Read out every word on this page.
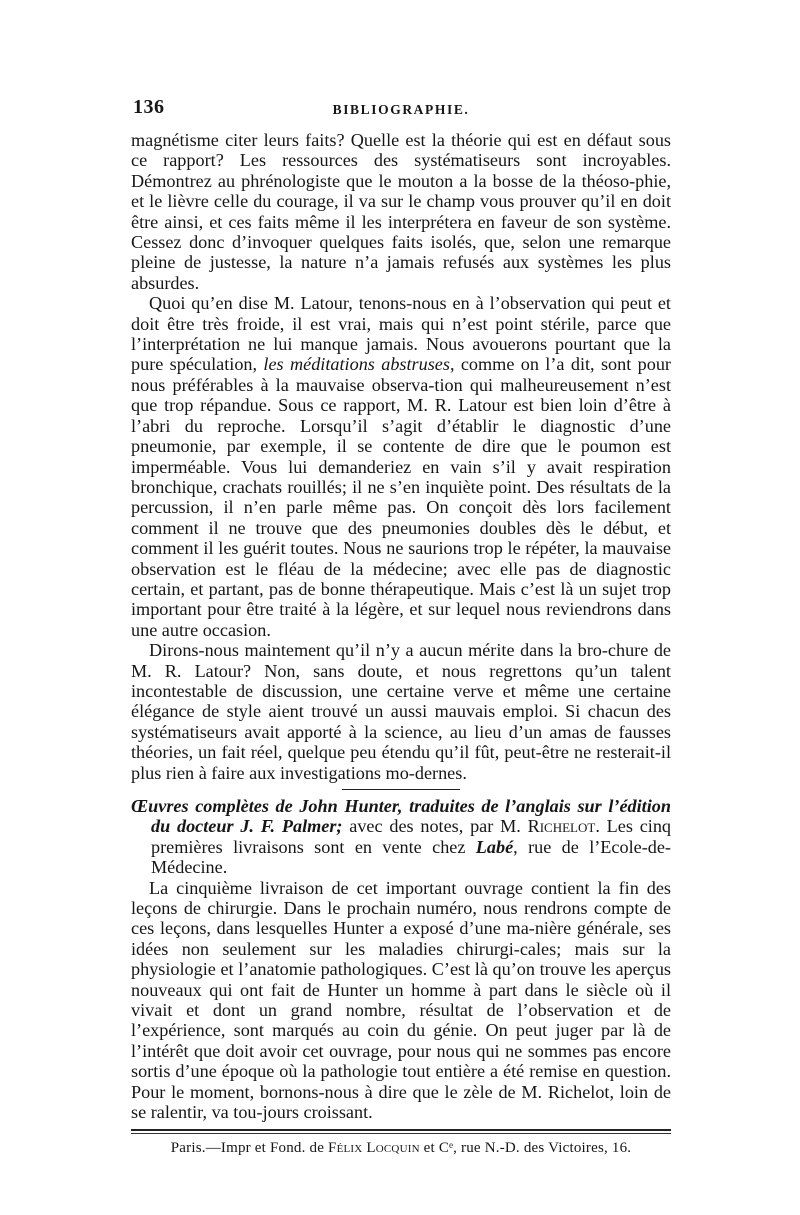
136	BIBLIOGRAPHIE.

magnétisme citer leurs faits? Quelle est la théorie qui est en défaut sous ce rapport? Les ressources des systématiseurs sont incroyables. Démontrez au phrénologiste que le mouton a la bosse de la théoso-phie, et le lièvre celle du courage, il va sur le champ vous prouver qu’il en doit être ainsi, et ces faits même il les interprétera en faveur de son système. Cessez donc d’invoquer quelques faits isolés, que, selon une remarque pleine de justesse, la nature n’a jamais refusés aux systèmes les plus absurdes.

Quoi qu’en dise M. Latour, tenons-nous en à l’observation qui peut et doit être très froide, il est vrai, mais qui n’est point stérile, parce que l’interprétation ne lui manque jamais. Nous avouerons pourtant que la pure spéculation, les méditations abstruses, comme on l’a dit, sont pour nous préférables à la mauvaise observa-tion qui malheureusement n’est que trop répandue. Sous ce rapport, M. R. Latour est bien loin d’être à l’abri du reproche. Lorsqu’il s’agit d’établir le diagnostic d’une pneumonie, par exemple, il se contente de dire que le poumon est imperméable. Vous lui demanderiez en vain s’il y avait respiration bronchique, crachats rouillés; il ne s’en inquiète point. Des résultats de la percussion, il n’en parle même pas. On conçoit dès lors facilement comment il ne trouve que des pneumonies doubles dès le début, et comment il les guérit toutes. Nous ne saurions trop le répéter, la mauvaise observation est le fléau de la médecine; avec elle pas de diagnostic certain, et partant, pas de bonne thérapeutique. Mais c’est là un sujet trop important pour être traité à la légère, et sur lequel nous reviendrons dans une autre occasion.

Dirons-nous maintement qu’il n’y a aucun mérite dans la bro-chure de M. R. Latour? Non, sans doute, et nous regrettons qu’un talent incontestable de discussion, une certaine verve et même une certaine élégance de style aient trouvé un aussi mauvais emploi. Si chacun des systématiseurs avait apporté à la science, au lieu d’un amas de fausses théories, un fait réel, quelque peu étendu qu’il fût, peut-être ne resterait-il plus rien à faire aux investigations mo-dernes.

Œuvres complètes de John Hunter, traduites de l’anglais sur l’édition du docteur J. F. Palmer; avec des notes, par M. Richelot. Les cinq premières livraisons sont en vente chez Labé, rue de l’Ecole-de-Médecine.

La cinquième livraison de cet important ouvrage contient la fin des leçons de chirurgie. Dans le prochain numéro, nous rendrons compte de ces leçons, dans lesquelles Hunter a exposé d’une ma-nière générale, ses idées non seulement sur les maladies chirurgi-cales; mais sur la physiologie et l’anatomie pathologiques. C’est là qu’on trouve les aperçus nouveaux qui ont fait de Hunter un homme à part dans le siècle où il vivait et dont un grand nombre, résultat de l’observation et de l’expérience, sont marqués au coin du génie. On peut juger par là de l’intérêt que doit avoir cet ouvrage, pour nous qui ne sommes pas encore sortis d’une époque où la pathologie tout entière a été remise en question. Pour le moment, bornons-nous à dire que le zèle de M. Richelot, loin de se ralentir, va tou-jours croissant.

Paris.—Impr et Fond. de Félix Locquin et Cᵉ, rue N.-D. des Victoires, 16.
